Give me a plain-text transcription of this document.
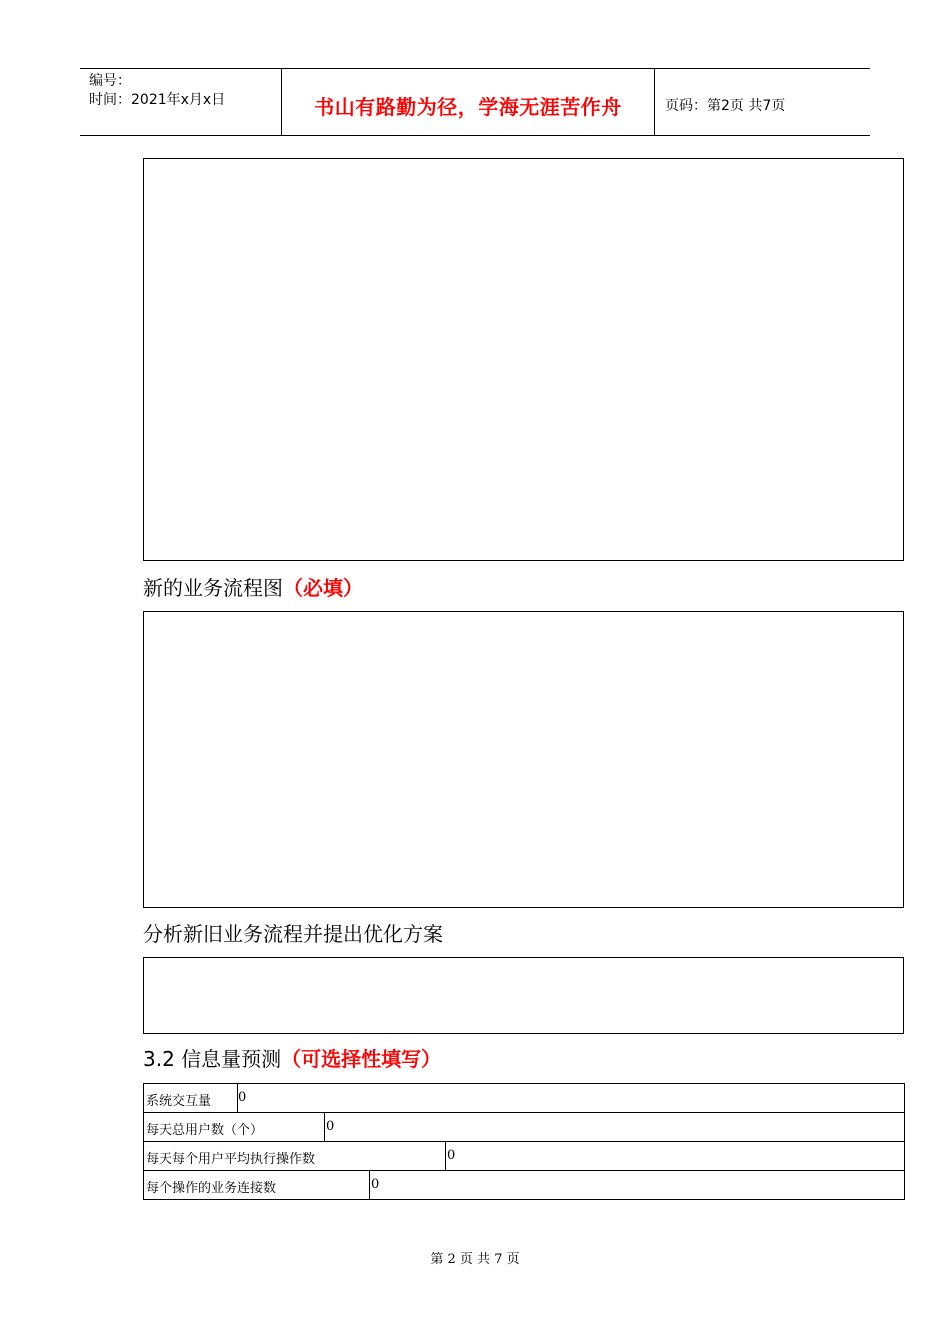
编号：
时间：2021年x月x日	书山有路勤为径，学海无涯苦作舟	页码：第2页 共7页
新的业务流程图（必填）
分析新旧业务流程并提出优化方案
3.2 信息量预测（可选择性填写）
系统交互量 0
每天总用户数（个）	0
每天每个用户平均执行操作数	0
每个操作的业务连接数	0
第 2 页 共 7 页
